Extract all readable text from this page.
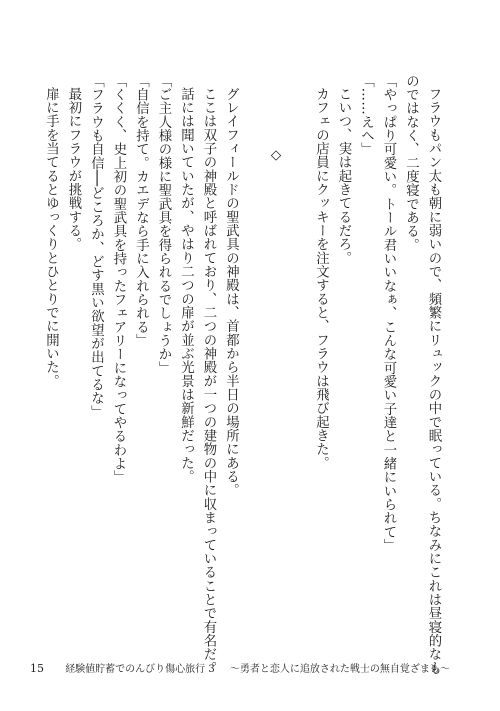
フラウもパン太も朝に弱いので、頻繁にリュックの中で眠っている。ちなみにこれは昼寝的なも

のではなく、二度寝である。

「やっぱり可愛い。トール君いいなぁ、こんな可愛い子達と一緒にいられて」

「……えへ」

こいつ、実は起きてるだろ。

カフェの店員にクッキーを注文すると、フラウは飛び起きた。

◇

グレイフィールドの聖武具の神殿は、首都から半日の場所にある。

ここは双子の神殿と呼ばれており、二つの神殿が一つの建物の中に収まっていることで有名だ。

話には聞いていたが、やはり二つの扉が並ぶ光景は新鮮だった。

「ご主人様の様に聖武具を得られるでしょうか」

「自信を持て。カエデなら手に入れられる」

「くくく、史上初の聖武具を持ったフェアリーになってやるわよ」

「フラウも自信──どころか、どす黒い欲望が出てるな」

最初にフラウが挑戦する。

扉に手を当てるとゆっくりとひとりでに開いた。

15 経験値貯蓄でのんびり傷心旅行 3 〜勇者と恋人に追放された戦士の無自覚ざまぁ〜
